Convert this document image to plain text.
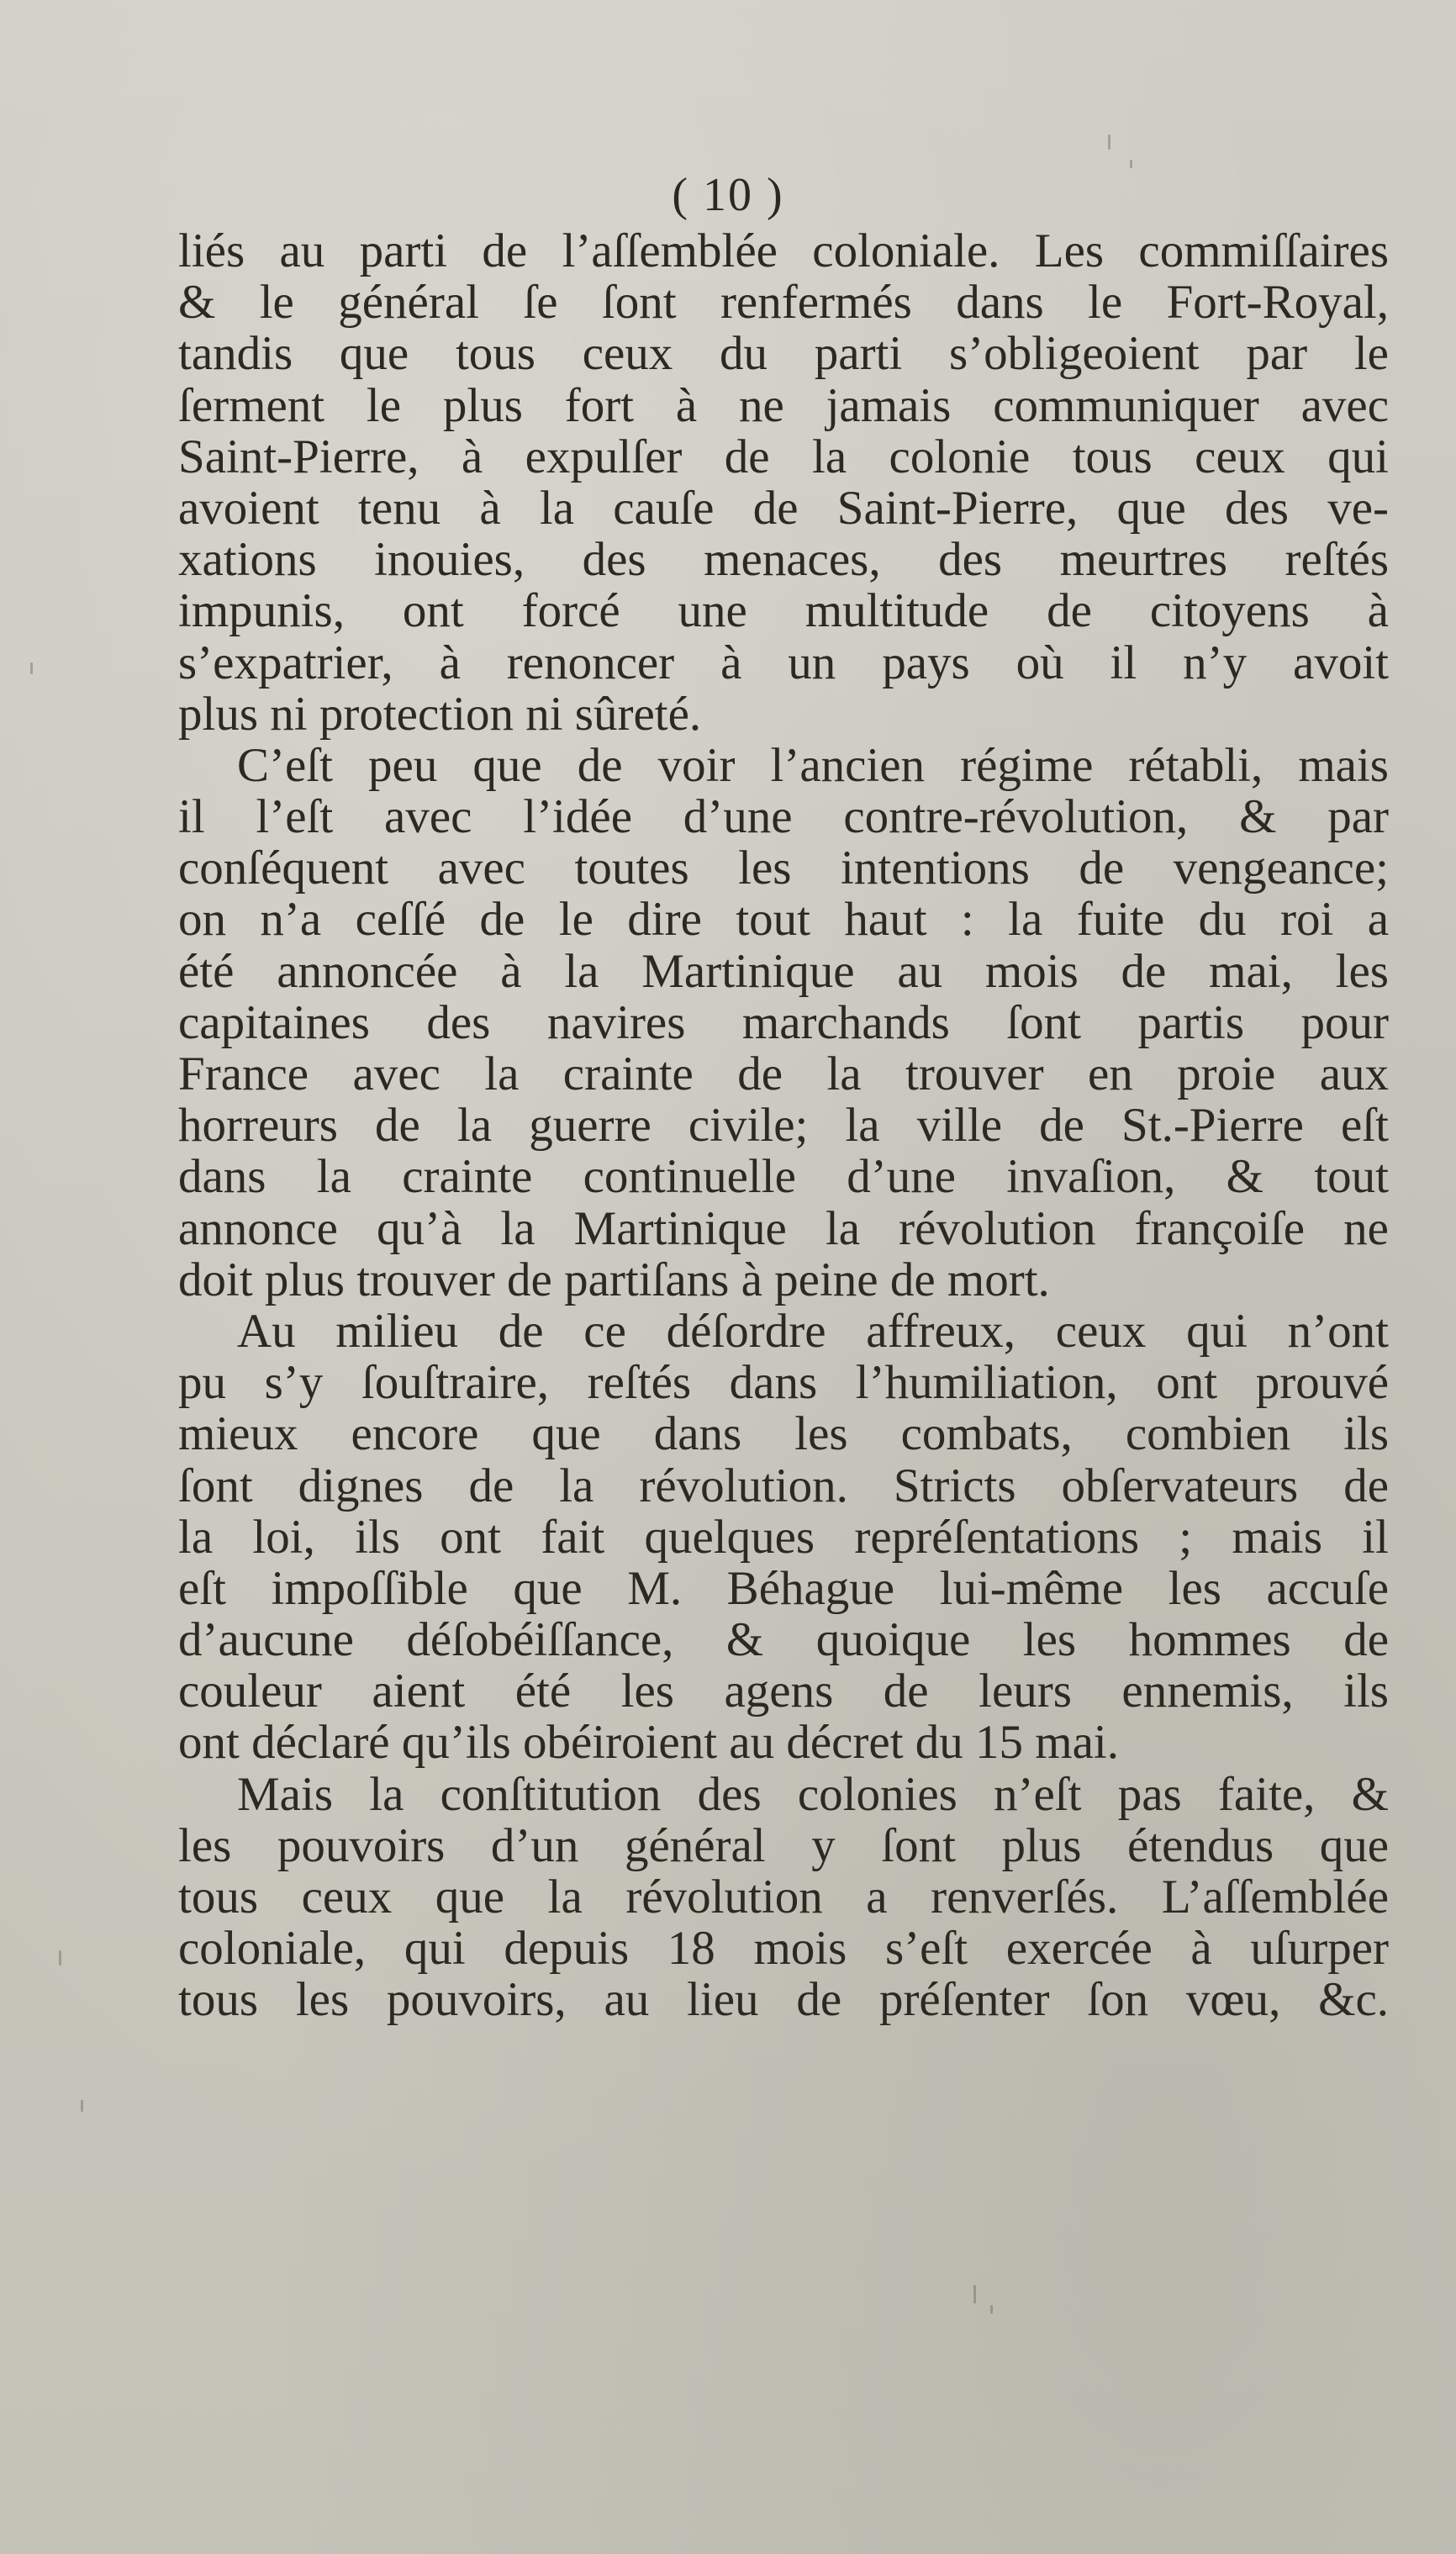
( 10 )
liés au parti de l’aſſemblée coloniale. Les commiſſaires
& le général ſe ſont renfermés dans le Fort-Royal,
tandis que tous ceux du parti s’obligeoient par le
ſerment le plus fort à ne jamais communiquer avec
Saint-Pierre, à expulſer de la colonie tous ceux qui
avoient tenu à la cauſe de Saint-Pierre, que des ve-
xations inouies, des menaces, des meurtres reſtés
impunis, ont forcé une multitude de citoyens à
s’expatrier, à renoncer à un pays où il n’y avoit
plus ni protection ni sûreté.
C’eſt peu que de voir l’ancien régime rétabli, mais
il l’eſt avec l’idée d’une contre-révolution, & par
conſéquent avec toutes les intentions de vengeance;
on n’a ceſſé de le dire tout haut : la fuite du roi a
été annoncée à la Martinique au mois de mai, les
capitaines des navires marchands ſont partis pour
France avec la crainte de la trouver en proie aux
horreurs de la guerre civile; la ville de St.-Pierre eſt
dans la crainte continuelle d’une invaſion, & tout
annonce qu’à la Martinique la révolution françoiſe ne
doit plus trouver de partiſans à peine de mort.
Au milieu de ce déſordre affreux, ceux qui n’ont
pu s’y ſouſtraire, reſtés dans l’humiliation, ont prouvé
mieux encore que dans les combats, combien ils
ſont dignes de la révolution. Stricts obſervateurs de
la loi, ils ont fait quelques repréſentations ; mais il
eſt impoſſible que M. Béhague lui-même les accuſe
d’aucune déſobéiſſance, & quoique les hommes de
couleur aient été les agens de leurs ennemis, ils
ont déclaré qu’ils obéiroient au décret du 15 mai.
Mais la conſtitution des colonies n’eſt pas faite, &
les pouvoirs d’un général y ſont plus étendus que
tous ceux que la révolution a renverſés. L’aſſemblée
coloniale, qui depuis 18 mois s’eſt exercée à uſurper
tous les pouvoirs, au lieu de préſenter ſon vœu, &c.
